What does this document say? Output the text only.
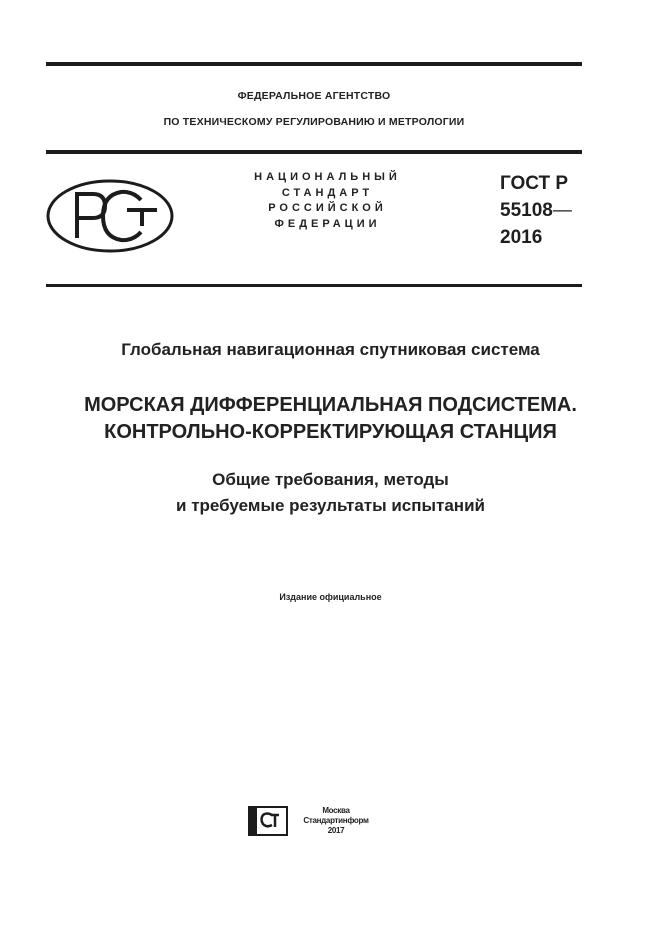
ФЕДЕРАЛЬНОЕ АГЕНТСТВО
ПО ТЕХНИЧЕСКОМУ РЕГУЛИРОВАНИЮ И МЕТРОЛОГИИ
НАЦИОНАЛЬНЫЙ
СТАНДАРТ
РОССИЙСКОЙ
ФЕДЕРАЦИИ
ГОСТ Р
55108—
2016
Глобальная навигационная спутниковая система
МОРСКАЯ ДИФФЕРЕНЦИАЛЬНАЯ ПОДСИСТЕМА.
КОНТРОЛЬНО-КОРРЕКТИРУЮЩАЯ СТАНЦИЯ
Общие требования, методы
и требуемые результаты испытаний
Издание официальное
Москва
Стандартинформ
2017
